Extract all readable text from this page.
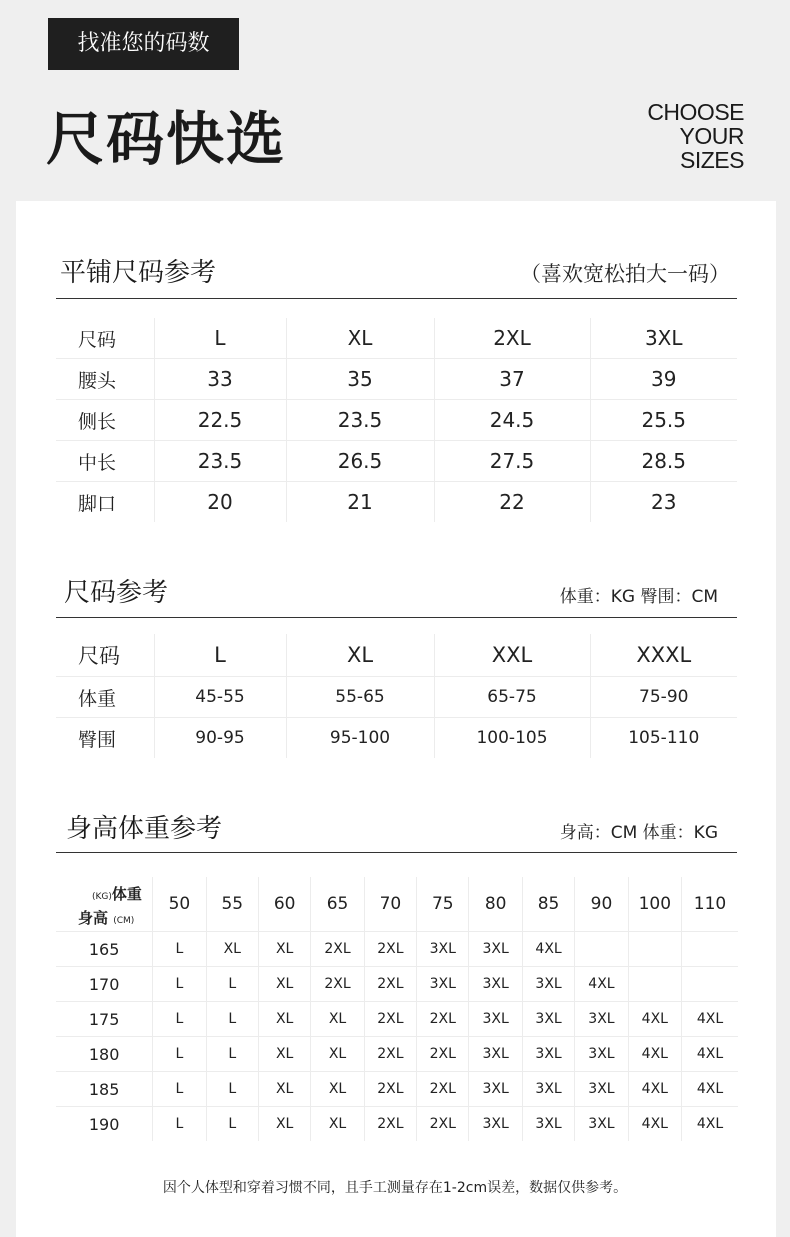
找准您的码数
尺码快选	CHOOSE
YOUR
SIZES
平铺尺码参考	（喜欢宽松拍大一码）
尺码	L	XL	2XL	3XL
腰头	33	35	37	39
侧长	22.5	23.5	24.5	25.5
中长	23.5	26.5	27.5	28.5
脚口	20	21	22	23
尺码参考	体重：KG 臀围：CM
尺码	L	XL	XXL	XXXL
体重	45-55	55-65	65-75	75-90
臀围	90-95	95-100	100-105	105-110
身高体重参考	身高：CM 体重：KG
(KG)体重
身高 (CM)	50	55	60	65	70	75	80	85	90	100	110
165	L	XL	XL	2XL	2XL	3XL	3XL	4XL			
170	L	L	XL	2XL	2XL	3XL	3XL	3XL	4XL		
175	L	L	XL	XL	2XL	2XL	3XL	3XL	3XL	4XL	4XL
180	L	L	XL	XL	2XL	2XL	3XL	3XL	3XL	4XL	4XL
185	L	L	XL	XL	2XL	2XL	3XL	3XL	3XL	4XL	4XL
190	L	L	XL	XL	2XL	2XL	3XL	3XL	3XL	4XL	4XL
因个人体型和穿着习惯不同，且手工测量存在1-2cm误差，数据仅供参考。
